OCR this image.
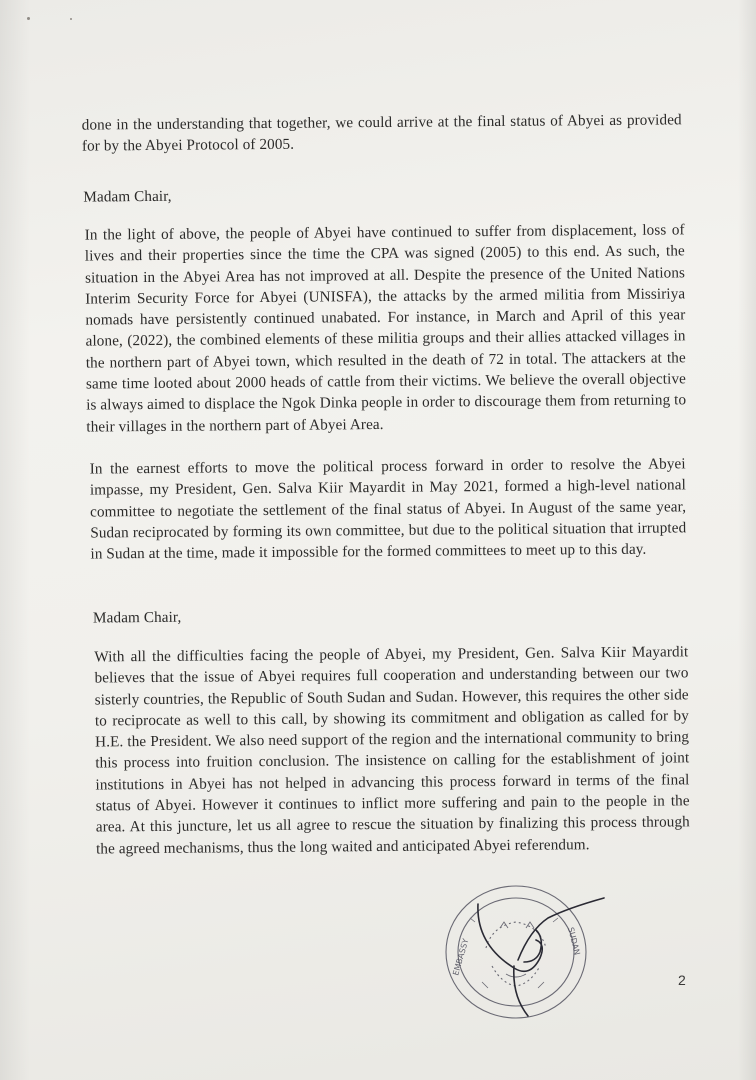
done in the understanding that together, we could arrive at the final status of Abyei as provided for by the Abyei Protocol of 2005.

Madam Chair,

In the light of above, the people of Abyei have continued to suffer from displacement, loss of lives and their properties since the time the CPA was signed (2005) to this end. As such, the situation in the Abyei Area has not improved at all. Despite the presence of the United Nations Interim Security Force for Abyei (UNISFA), the attacks by the armed militia from Missiriya nomads have persistently continued unabated. For instance, in March and April of this year alone, (2022), the combined elements of these militia groups and their allies attacked villages in the northern part of Abyei town, which resulted in the death of 72 in total. The attackers at the same time looted about 2000 heads of cattle from their victims. We believe the overall objective is always aimed to displace the Ngok Dinka people in order to discourage them from returning to their villages in the northern part of Abyei Area.

In the earnest efforts to move the political process forward in order to resolve the Abyei impasse, my President, Gen. Salva Kiir Mayardit in May 2021, formed a high-level national committee to negotiate the settlement of the final status of Abyei. In August of the same year, Sudan reciprocated by forming its own committee, but due to the political situation that irrupted in Sudan at the time, made it impossible for the formed committees to meet up to this day.

Madam Chair,

With all the difficulties facing the people of Abyei, my President, Gen. Salva Kiir Mayardit believes that the issue of Abyei requires full cooperation and understanding between our two sisterly countries, the Republic of South Sudan and Sudan. However, this requires the other side to reciprocate as well to this call, by showing its commitment and obligation as called for by H.E. the President. We also need support of the region and the international community to bring this process into fruition conclusion. The insistence on calling for the establishment of joint institutions in Abyei has not helped in advancing this process forward in terms of the final status of Abyei. However it continues to inflict more suffering and pain to the people in the area. At this juncture, let us all agree to rescue the situation by finalizing this process through the agreed mechanisms, thus the long waited and anticipated Abyei referendum.

EMBASSY	SUDAN
2
